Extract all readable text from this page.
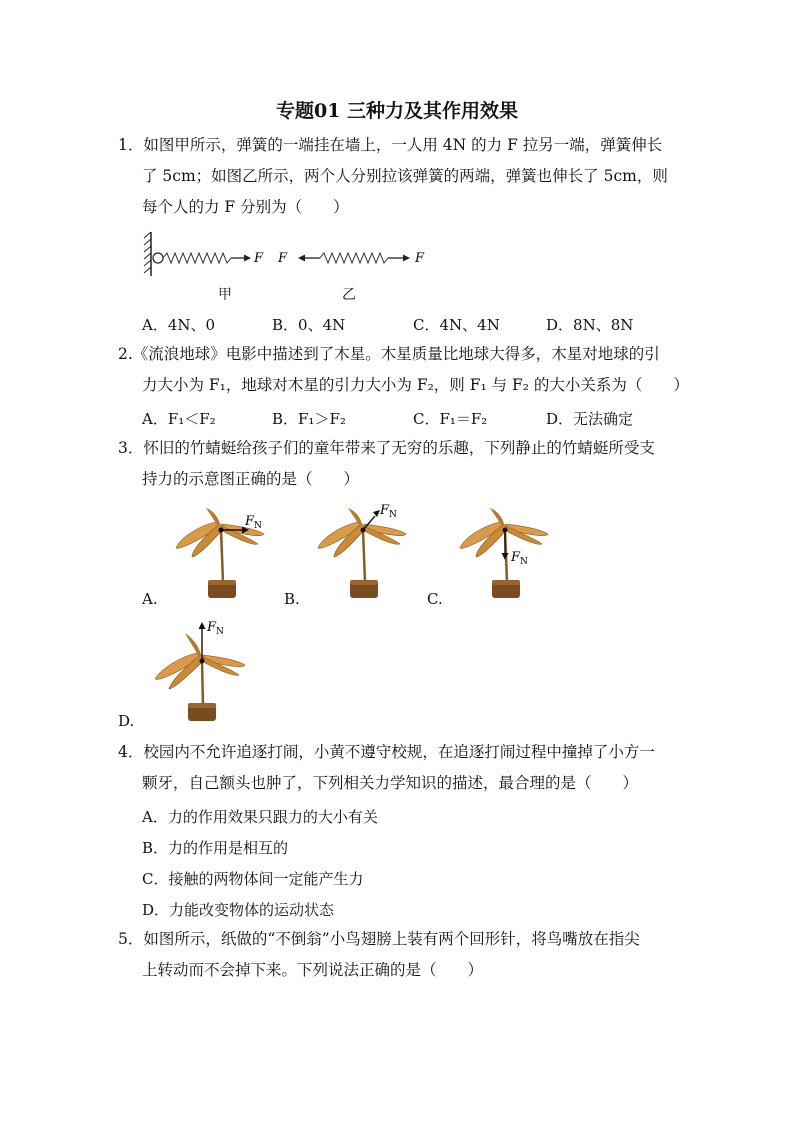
专题01 三种力及其作用效果
1．如图甲所示，弹簧的一端挂在墙上，一人用 4N 的力 F 拉另一端，弹簧伸长
了 5cm；如图乙所示，两个人分别拉该弹簧的两端，弹簧也伸长了 5cm，则
每个人的力 F 分别为（　　）
F F	F
甲	乙
A．4N、0	B．0、4N	C．4N、4N	D．8N、8N
2.《流浪地球》电影中描述到了木星。木星质量比地球大得多，木星对地球的引
力大小为 F₁，地球对木星的引力大小为 F₂，则 F₁ 与 F₂ 的大小关系为（　　）
A．F₁＜F₂	B．F₁＞F₂	C．F₁＝F₂	D．无法确定
3．怀旧的竹蜻蜓给孩子们的童年带来了无穷的乐趣，下列静止的竹蜻蜓所受支
持力的示意图正确的是（　　）
$F_N$
A.
$F_N$
B.
$F_N$
C.
$F_N$
D.
4．校园内不允许追逐打闹，小黄不遵守校规，在追逐打闹过程中撞掉了小方一
颗牙，自己额头也肿了，下列相关力学知识的描述，最合理的是（　　）
A．力的作用效果只跟力的大小有关
B．力的作用是相互的
C．接触的两物体间一定能产生力
D．力能改变物体的运动状态
5．如图所示，纸做的“不倒翁”小鸟翅膀上装有两个回形针，将鸟嘴放在指尖
上转动而不会掉下来。下列说法正确的是（　　）
